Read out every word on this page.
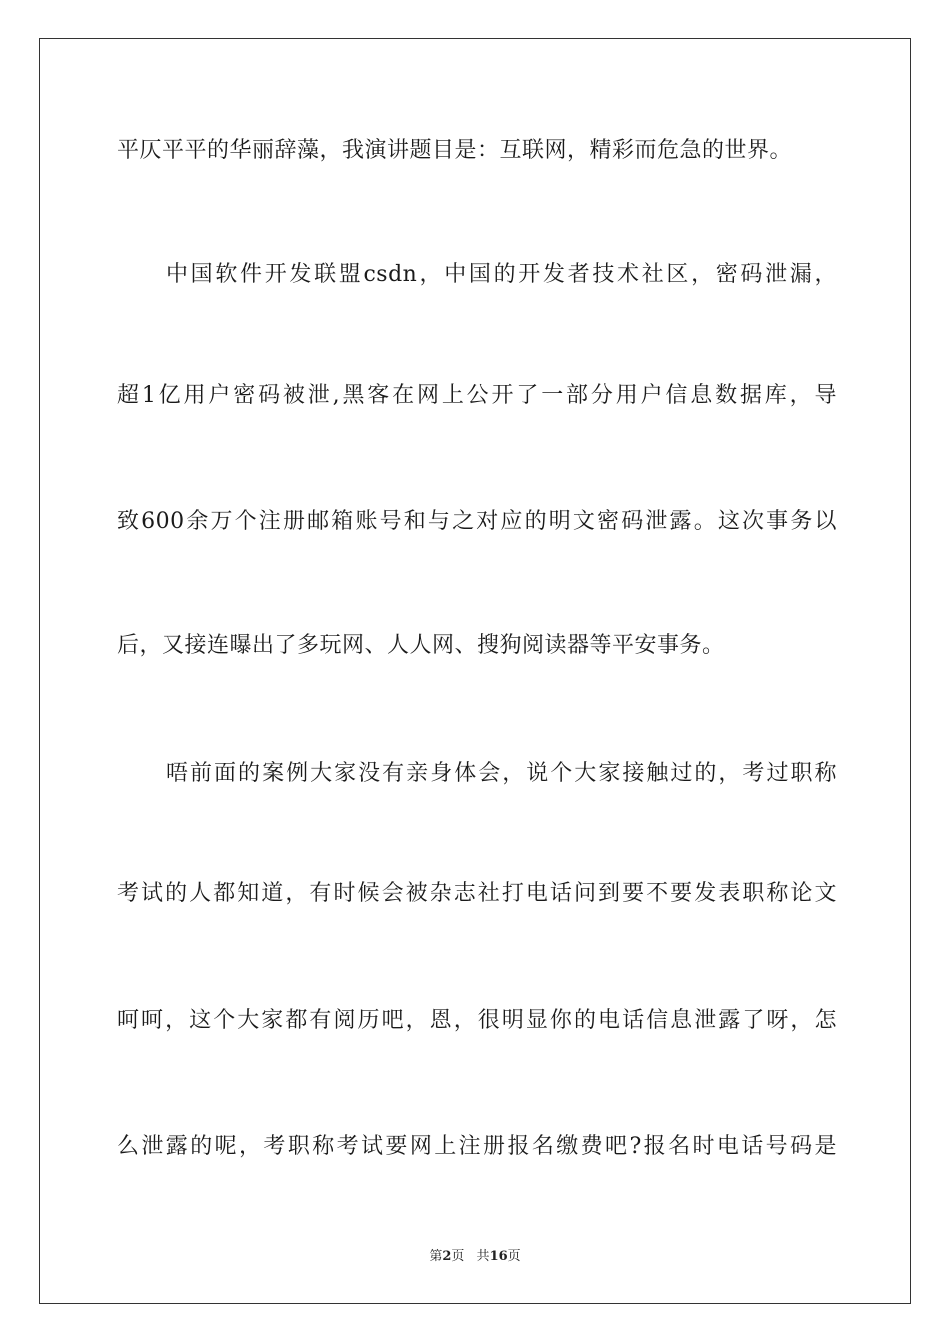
平仄平平的华丽辞藻，我演讲题目是：互联网，精彩而危急的世界。
中国软件开发联盟csdn，中国的开发者技术社区，密码泄漏，
超1亿用户密码被泄,黑客在网上公开了一部分用户信息数据库，导
致600余万个注册邮箱账号和与之对应的明文密码泄露。这次事务以
后，又接连曝出了多玩网、人人网、搜狗阅读器等平安事务。
唔前面的案例大家没有亲身体会，说个大家接触过的，考过职称
考试的人都知道，有时候会被杂志社打电话问到要不要发表职称论文
呵呵，这个大家都有阅历吧，恩，很明显你的电话信息泄露了呀，怎
么泄露的呢，考职称考试要网上注册报名缴费吧?报名时电话号码是
第2页 共16页
